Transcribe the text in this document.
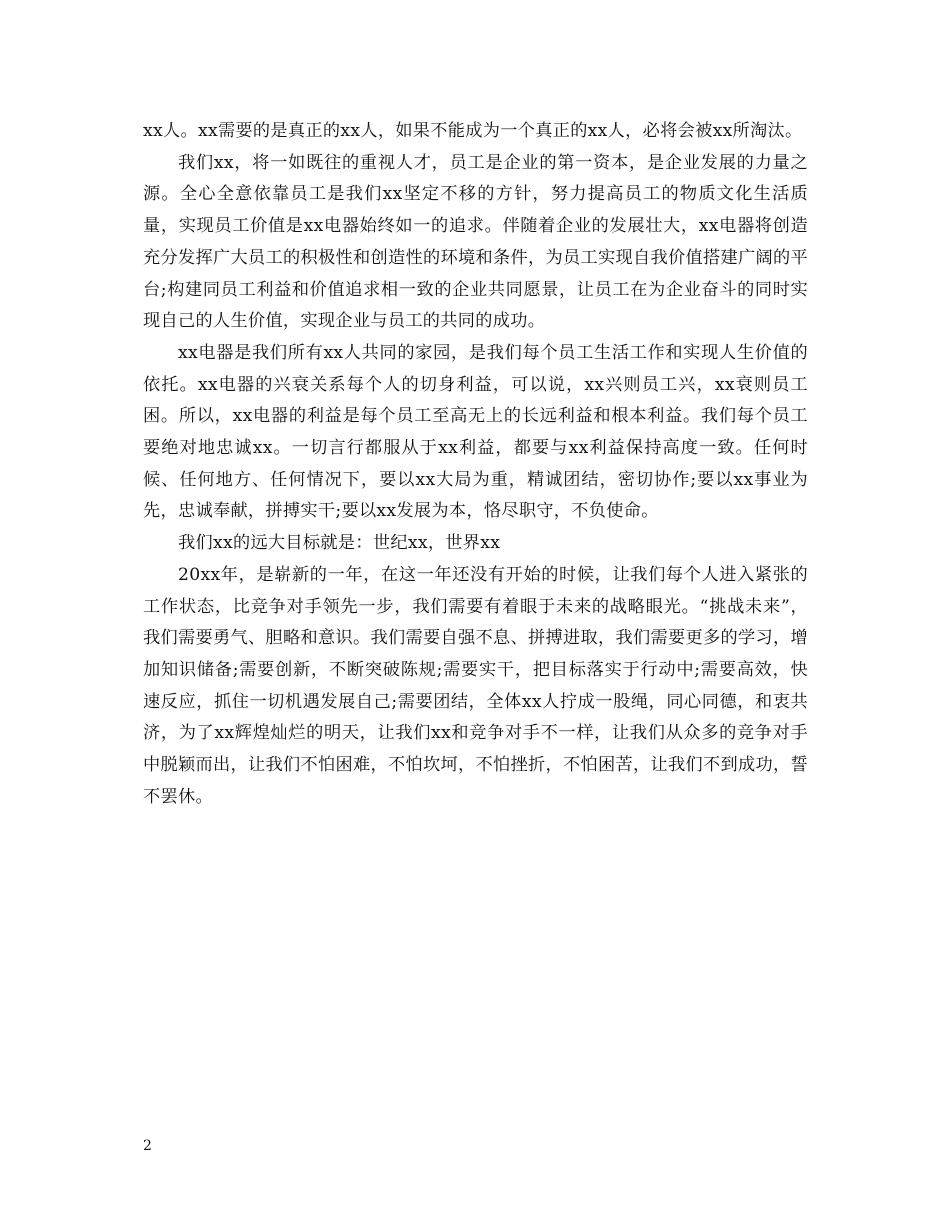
xx人。xx需要的是真正的xx人，如果不能成为一个真正的xx人，必将会被xx所淘汰。

我们xx，将一如既往的重视人才，员工是企业的第一资本，是企业发展的力量之源。全心全意依靠员工是我们xx坚定不移的方针，努力提高员工的物质文化生活质量，实现员工价值是xx电器始终如一的追求。伴随着企业的发展壮大，xx电器将创造充分发挥广大员工的积极性和创造性的环境和条件，为员工实现自我价值搭建广阔的平台;构建同员工利益和价值追求相一致的企业共同愿景，让员工在为企业奋斗的同时实现自己的人生价值，实现企业与员工的共同的成功。

xx电器是我们所有xx人共同的家园，是我们每个员工生活工作和实现人生价值的依托。xx电器的兴衰关系每个人的切身利益，可以说，xx兴则员工兴，xx衰则员工困。所以，xx电器的利益是每个员工至高无上的长远利益和根本利益。我们每个员工要绝对地忠诚xx。一切言行都服从于xx利益，都要与xx利益保持高度一致。任何时候、任何地方、任何情况下，要以xx大局为重，精诚团结，密切协作;要以xx事业为先，忠诚奉献，拼搏实干;要以xx发展为本，恪尽职守，不负使命。

我们xx的远大目标就是：世纪xx，世界xx

20xx年，是崭新的一年，在这一年还没有开始的时候，让我们每个人进入紧张的工作状态，比竞争对手领先一步，我们需要有着眼于未来的战略眼光。“挑战未来”， 我们需要勇气、胆略和意识。我们需要自强不息、拼搏进取，我们需要更多的学习，增加知识储备;需要创新，不断突破陈规;需要实干，把目标落实于行动中;需要高效，快速反应，抓住一切机遇发展自己;需要团结，全体xx人拧成一股绳，同心同德，和衷共济，为了xx辉煌灿烂的明天，让我们xx和竞争对手不一样，让我们从众多的竞争对手中脱颖而出，让我们不怕困难，不怕坎坷，不怕挫折，不怕困苦，让我们不到成功，誓不罢休。

2
